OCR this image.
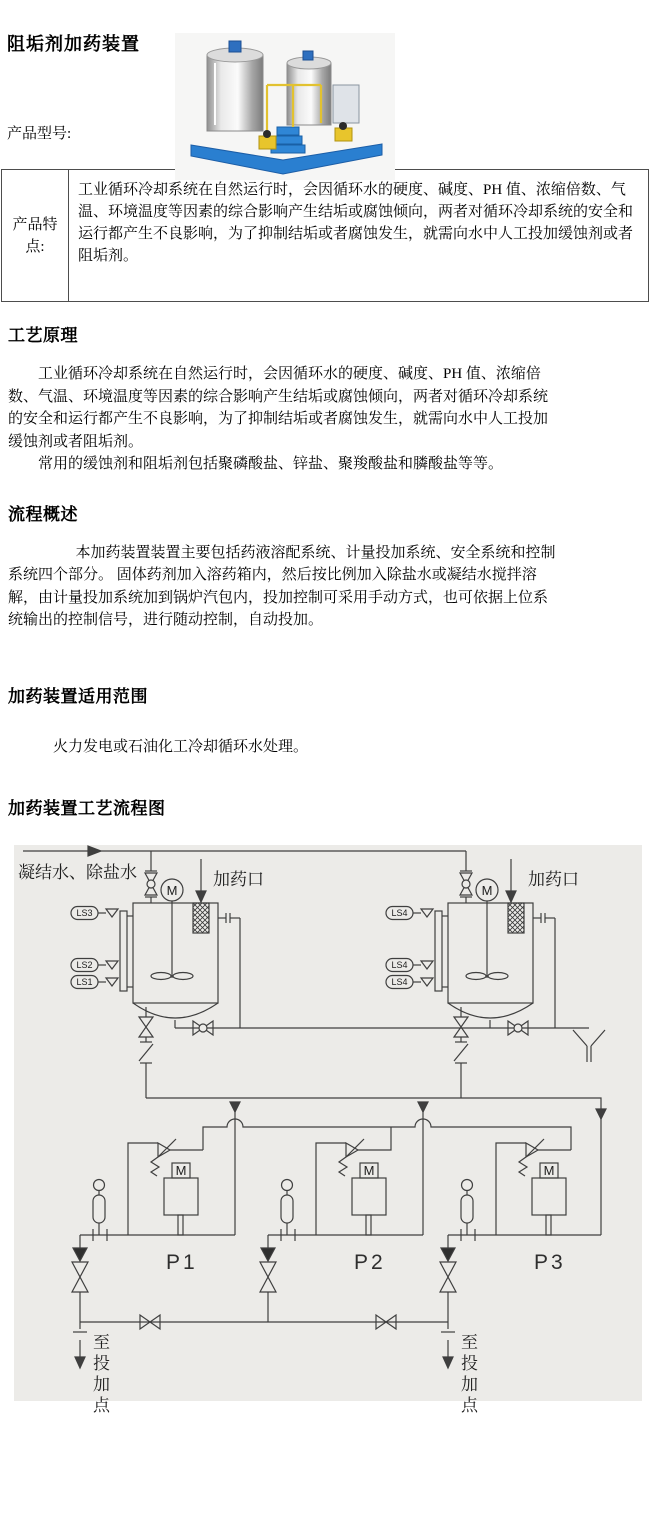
阻垢剂加药装置
产品型号:
产品特点:	工业循环冷却系统在自然运行时，会因循环水的硬度、碱度、PH 值、浓缩倍数、气温、环境温度等因素的综合影响产生结垢或腐蚀倾向，两者对循环冷却系统的安全和运行都产生不良影响，为了抑制结垢或者腐蚀发生，就需向水中人工投加缓蚀剂或者阻垢剂。
工艺原理

工业循环冷却系统在自然运行时，会因循环水的硬度、碱度、PH 值、浓缩倍数、气温、环境温度等因素的综合影响产生结垢或腐蚀倾向，两者对循环冷却系统的安全和运行都产生不良影响，为了抑制结垢或者腐蚀发生，就需向水中人工投加缓蚀剂或者阻垢剂。

常用的缓蚀剂和阻垢剂包括聚磷酸盐、锌盐、聚羧酸盐和膦酸盐等等。

流程概述

本加药装置装置主要包括药液溶配系统、计量投加系统、安全系统和控制系统四个部分。 固体药剂加入溶药箱内，然后按比例加入除盐水或凝结水搅拌溶解，由计量投加系统加到锅炉汽包内，投加控制可采用手动方式，也可依据上位系统输出的控制信号，进行随动控制，自动投加。

加药装置适用范围

火力发电或石油化工冷却循环水处理。

加药装置工艺流程图
凝结水、除盐水
M
LS3
LS2
LS1
加药口
M
LS4
LS4
LS4
加药口
M
P1
M
P2
M
P3
至投加点	至投加点
